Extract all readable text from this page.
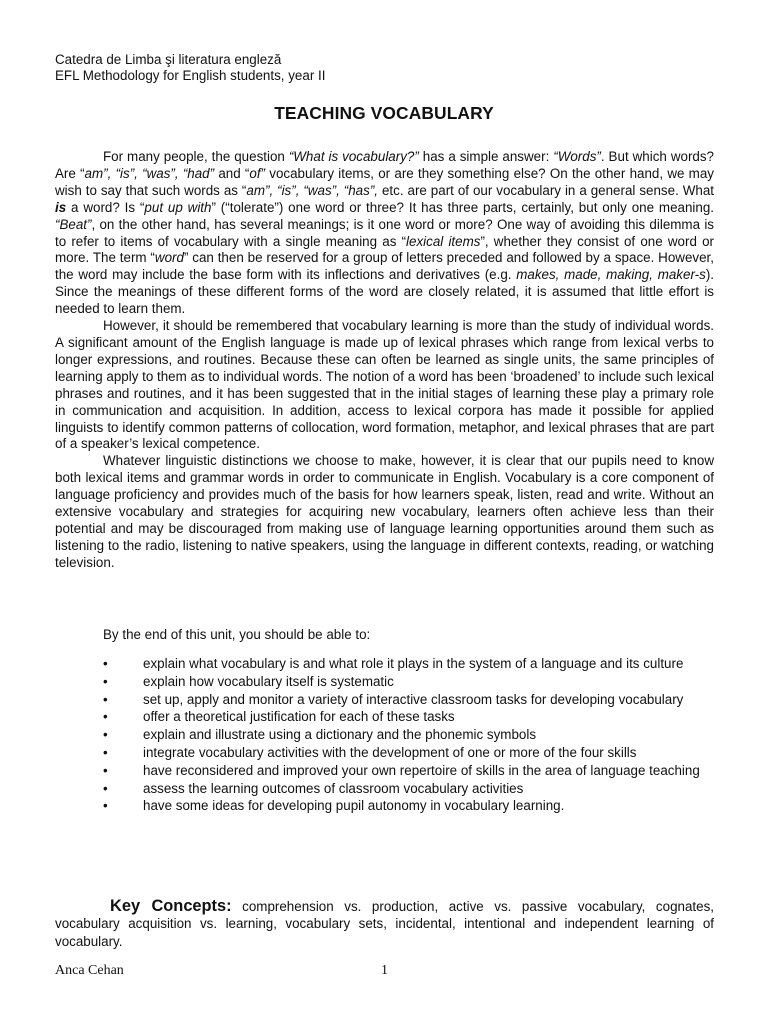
Catedra de Limba şi literatura engleză
EFL Methodology for English students, year II
TEACHING VOCABULARY

For many people, the question “What is vocabulary?” has a simple answer: “Words”. But which words? Are “am”, “is”, “was”, “had” and “of” vocabulary items, or are they something else? On the other hand, we may wish to say that such words as “am”, “is”, “was”, “has”, etc. are part of our vocabulary in a general sense. What is a word? Is “put up with” (“tolerate”) one word or three? It has three parts, certainly, but only one meaning. “Beat”, on the other hand, has several meanings; is it one word or more? One way of avoiding this dilemma is to refer to items of vocabulary with a single meaning as “lexical items”, whether they consist of one word or more. The term “word” can then be reserved for a group of letters preceded and followed by a space. However, the word may include the base form with its inflections and derivatives (e.g. makes, made, making, maker-s). Since the meanings of these different forms of the word are closely related, it is assumed that little effort is needed to learn them.

However, it should be remembered that vocabulary learning is more than the study of individual words. A significant amount of the English language is made up of lexical phrases which range from lexical verbs to longer expressions, and routines. Because these can often be learned as single units, the same principles of learning apply to them as to individual words. The notion of a word has been ‘broadened’ to include such lexical phrases and routines, and it has been suggested that in the initial stages of learning these play a primary role in communication and acquisition. In addition, access to lexical corpora has made it possible for applied linguists to identify common patterns of collocation, word formation, metaphor, and lexical phrases that are part of a speaker’s lexical competence.

Whatever linguistic distinctions we choose to make, however, it is clear that our pupils need to know both lexical items and grammar words in order to communicate in English. Vocabulary is a core component of language proficiency and provides much of the basis for how learners speak, listen, read and write. Without an extensive vocabulary and strategies for acquiring new vocabulary, learners often achieve less than their potential and may be discouraged from making use of language learning opportunities around them such as listening to the radio, listening to native speakers, using the language in different contexts, reading, or watching television.

By the end of this unit, you should be able to:
•	explain what vocabulary is and what role it plays in the system of a language and its culture
•	explain how vocabulary itself is systematic
•	set up, apply and monitor a variety of interactive classroom tasks for developing vocabulary
•	offer a theoretical justification for each of these tasks
•	explain and illustrate using a dictionary and the phonemic symbols
•	integrate vocabulary activities with the development of one or more of the four skills
•	have reconsidered and improved your own repertoire of skills in the area of language teaching
•	assess the learning outcomes of classroom vocabulary activities
•	have some ideas for developing pupil autonomy in vocabulary learning.
Key Concepts: comprehension vs. production, active vs. passive vocabulary, cognates, vocabulary acquisition vs. learning, vocabulary sets, incidental, intentional and independent learning of vocabulary.
Anca Cehan	1
